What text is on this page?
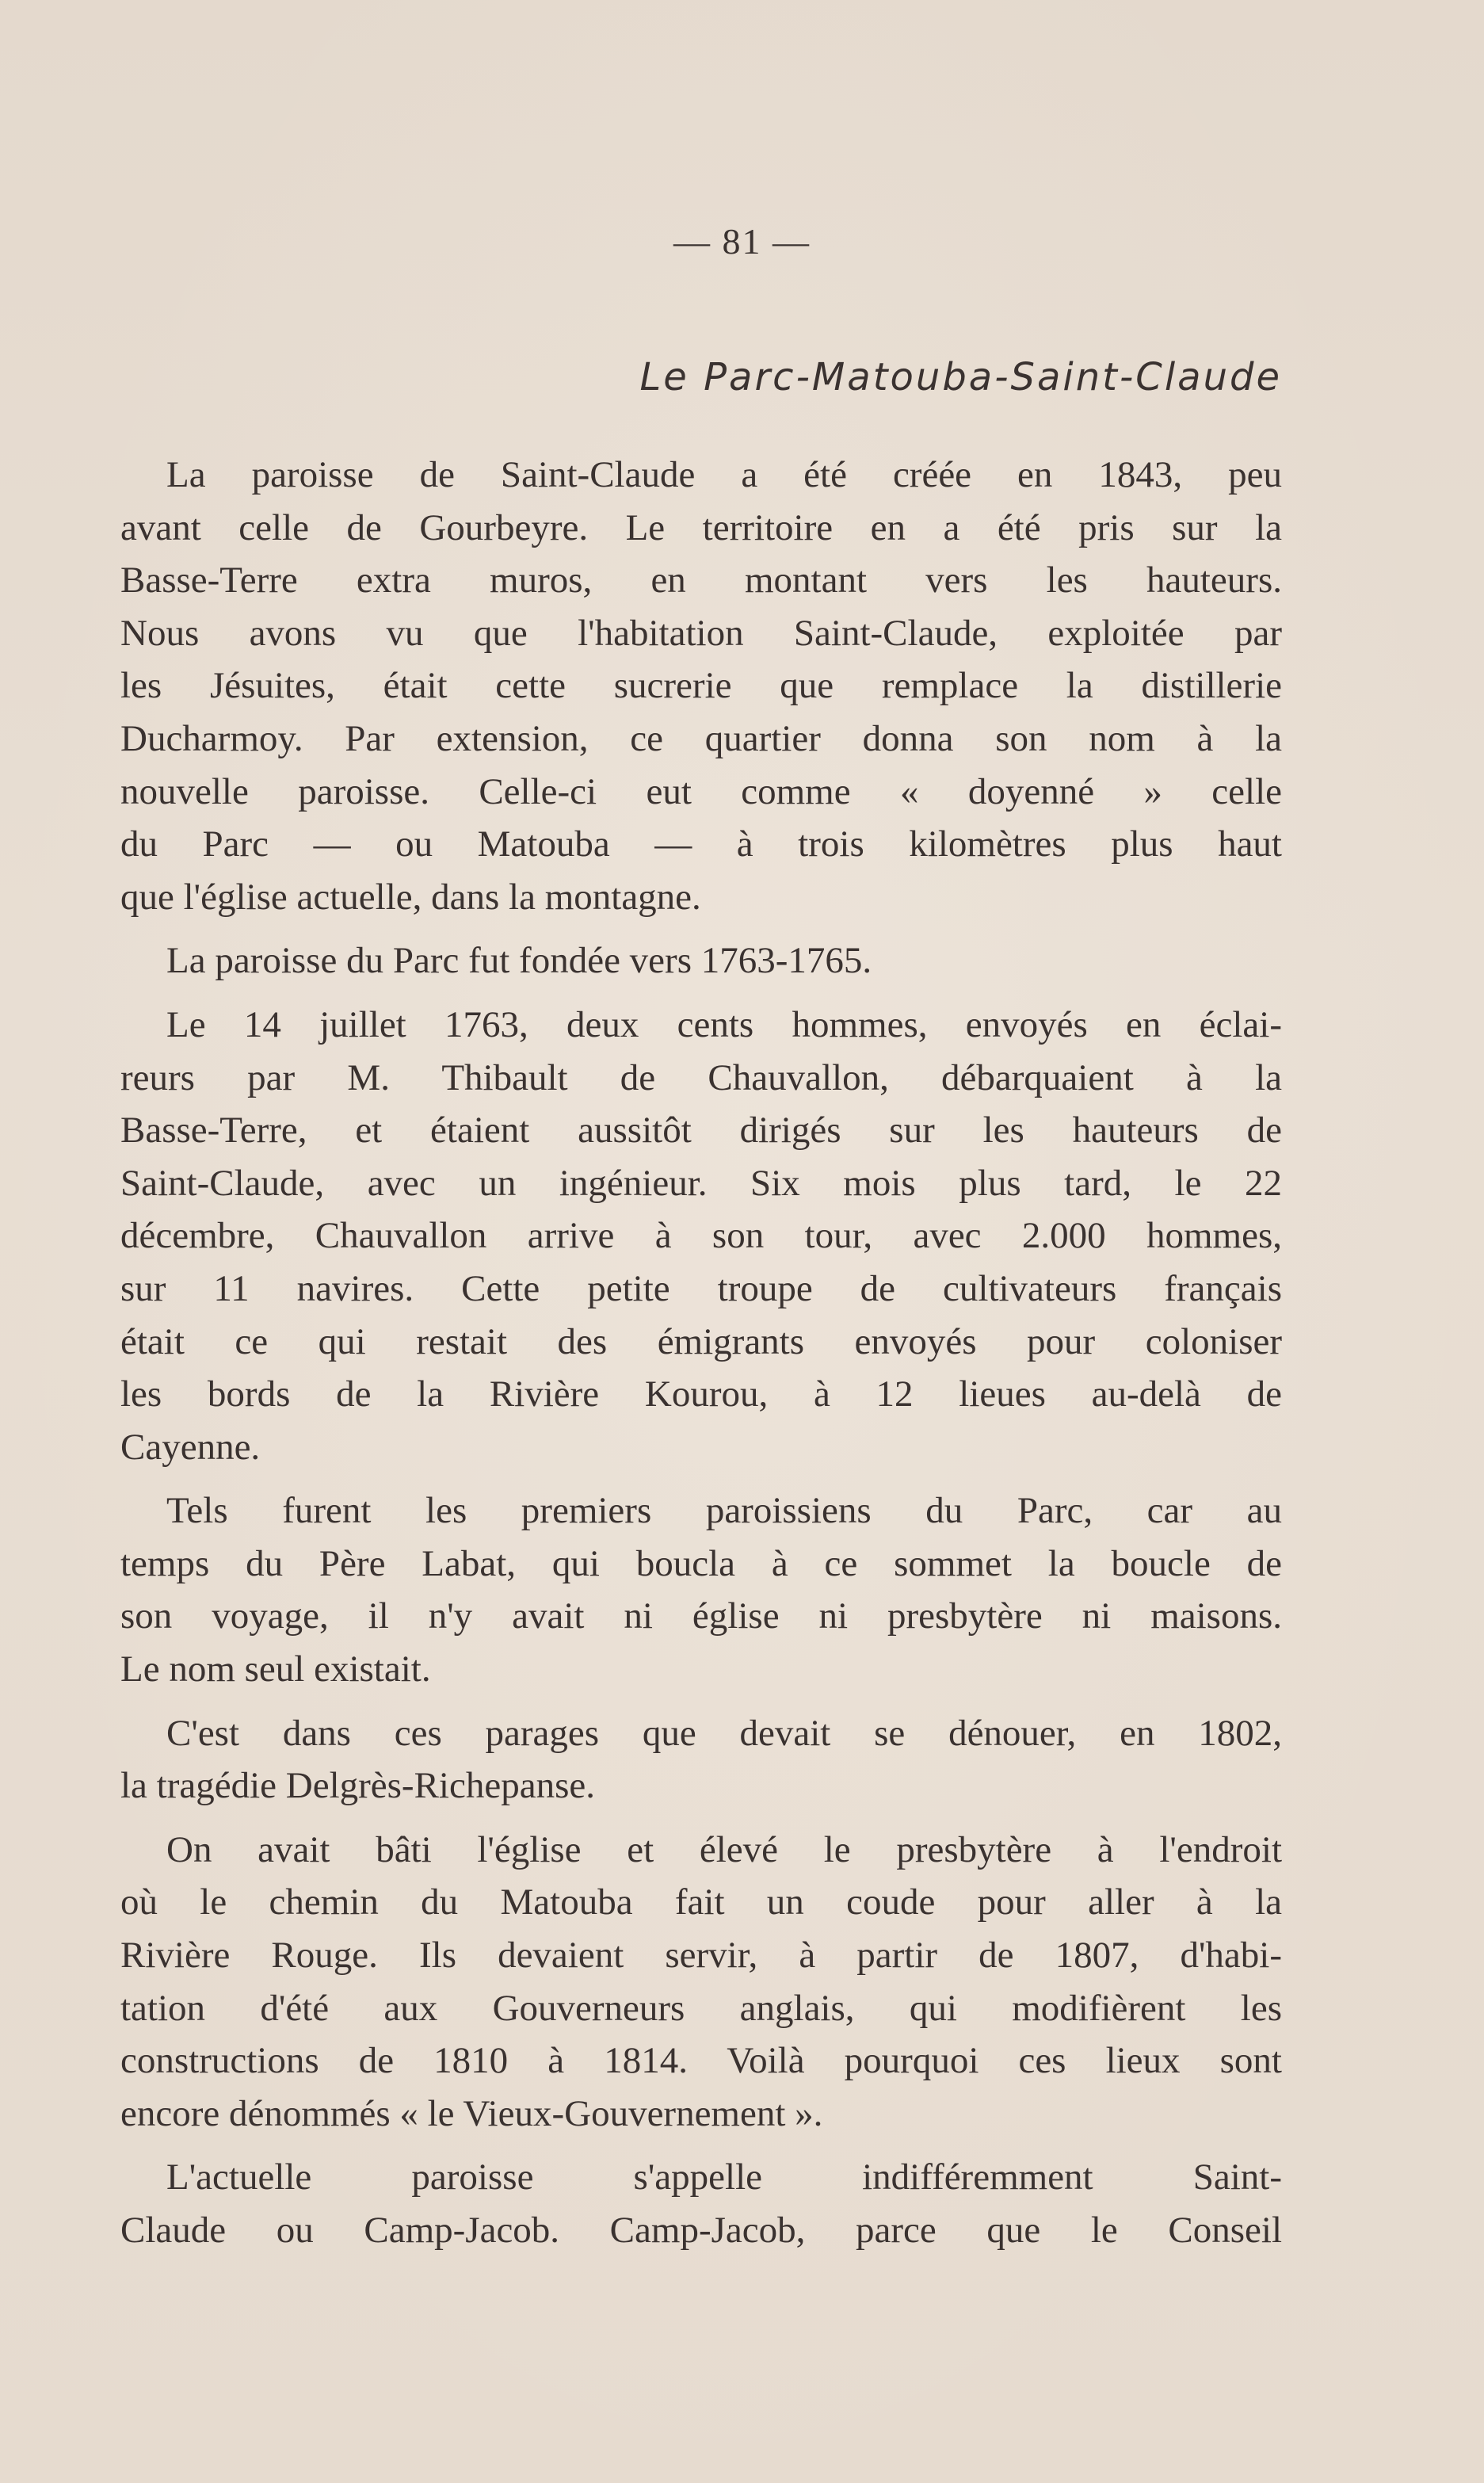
— 81 —
Le Parc-Matouba-Saint-Claude

La paroisse de Saint-Claude a été créée en 1843, peu
avant celle de Gourbeyre. Le territoire en a été pris sur la
Basse-Terre extra muros, en montant vers les hauteurs.
Nous avons vu que l'habitation Saint-Claude, exploitée par
les Jésuites, était cette sucrerie que remplace la distillerie
Ducharmoy. Par extension, ce quartier donna son nom à la
nouvelle paroisse. Celle-ci eut comme « doyenné » celle
du Parc — ou Matouba — à trois kilomètres plus haut
que l'église actuelle, dans la montagne.

La paroisse du Parc fut fondée vers 1763-1765.

Le 14 juillet 1763, deux cents hommes, envoyés en éclai-
reurs par M. Thibault de Chauvallon, débarquaient à la
Basse-Terre, et étaient aussitôt dirigés sur les hauteurs de
Saint-Claude, avec un ingénieur. Six mois plus tard, le 22
décembre, Chauvallon arrive à son tour, avec 2.000 hommes,
sur 11 navires. Cette petite troupe de cultivateurs français
était ce qui restait des émigrants envoyés pour coloniser
les bords de la Rivière Kourou, à 12 lieues au-delà de
Cayenne.

Tels furent les premiers paroissiens du Parc, car au
temps du Père Labat, qui boucla à ce sommet la boucle de
son voyage, il n'y avait ni église ni presbytère ni maisons.
Le nom seul existait.

C'est dans ces parages que devait se dénouer, en 1802,
la tragédie Delgrès-Richepanse.

On avait bâti l'église et élevé le presbytère à l'endroit
où le chemin du Matouba fait un coude pour aller à la
Rivière Rouge. Ils devaient servir, à partir de 1807, d'habi-
tation d'été aux Gouverneurs anglais, qui modifièrent les
constructions de 1810 à 1814. Voilà pourquoi ces lieux sont
encore dénommés « le Vieux-Gouvernement ».

L'actuelle paroisse s'appelle indifféremment Saint-
Claude ou Camp-Jacob. Camp-Jacob, parce que le Conseil
